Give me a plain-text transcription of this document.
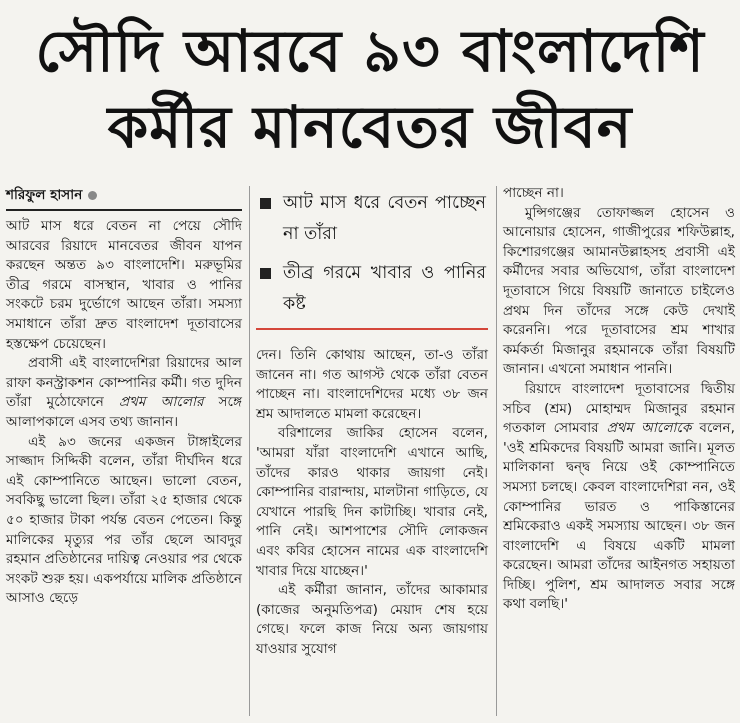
সৌদি আরবে ৯৩ বাংলাদেশি
কর্মীর মানবেতর জীবন
শরিফুল হাসান

আট মাস ধরে বেতন না পেয়ে সৌদি আরবের রিয়াদে মানবেতর জীবন যাপন করছেন অন্তত ৯৩ বাংলাদেশি। মরুভূমির তীব্র গরমে বাসস্থান, খাবার ও পানির সংকটে চরম দুর্ভোগে আছেন তাঁরা। সমস্যা সমাধানে তাঁরা দ্রুত বাংলাদেশ দূতাবাসের হস্তক্ষেপ চেয়েছেন।

প্রবাসী এই বাংলাদেশিরা রিয়াদের আল রাফা কনস্ট্রাকশন কোম্পানির কর্মী। গত দুদিন তাঁরা মুঠোফোনে প্রথম আলোর সঙ্গে আলাপকালে এসব তথ্য জানান।

এই ৯৩ জনের একজন টাঙ্গাইলের সাজ্জাদ সিদ্দিকী বলেন, তাঁরা দীর্ঘদিন ধরে এই কোম্পানিতে আছেন। ভালো বেতন, সবকিছু ভালো ছিল। তাঁরা ২৫ হাজার থেকে ৫০ হাজার টাকা পর্যন্ত বেতন পেতেন। কিন্তু মালিকের মৃত্যুর পর তাঁর ছেলে আবদুর রহমান প্রতিষ্ঠানের দায়িত্ব নেওয়ার পর থেকে সংকট শুরু হয়। একপর্যায়ে মালিক প্রতিষ্ঠানে আসাও ছেড়ে

আট মাস ধরে বেতন পাচ্ছেন না তাঁরা
তীব্র গরমে খাবার ও পানির কষ্ট

দেন। তিনি কোথায় আছেন, তা-ও তাঁরা জানেন না। গত আগস্ট থেকে তাঁরা বেতন পাচ্ছেন না। বাংলাদেশিদের মধ্যে ৩৮ জন শ্রম আদালতে মামলা করেছেন।

বরিশালের জাকির হোসেন বলেন, 'আমরা যাঁরা বাংলাদেশি এখানে আছি, তাঁদের কারও থাকার জায়গা নেই। কোম্পানির বারান্দায়, মালটানা গাড়িতে, যে যেখানে পারছি দিন কাটাচ্ছি। খাবার নেই, পানি নেই। আশপাশের সৌদি লোকজন এবং কবির হোসেন নামের এক বাংলাদেশি খাবার দিয়ে যাচ্ছেন।'

এই কর্মীরা জানান, তাঁদের আকামার (কাজের অনুমতিপত্র) মেয়াদ শেষ হয়ে গেছে। ফলে কাজ নিয়ে অন্য জায়গায় যাওয়ার সুযোগ

পাচ্ছেন না।

মুন্সিগঞ্জের তোফাজ্জল হোসেন ও আনোয়ার হোসেন, গাজীপুরের শফিউল্লাহ, কিশোরগঞ্জের আমানউল্লাহসহ প্রবাসী এই কর্মীদের সবার অভিযোগ, তাঁরা বাংলাদেশ দূতাবাসে গিয়ে বিষয়টি জানাতে চাইলেও প্রথম দিন তাঁদের সঙ্গে কেউ দেখাই করেননি। পরে দূতাবাসের শ্রম শাখার কর্মকর্তা মিজানুর রহমানকে তাঁরা বিষয়টি জানান। এখনো সমাধান পাননি।

রিয়াদে বাংলাদেশ দূতাবাসের দ্বিতীয় সচিব (শ্রম) মোহাম্মদ মিজানুর রহমান গতকাল সোমবার প্রথম আলোকে বলেন, 'ওই শ্রমিকদের বিষয়টি আমরা জানি। মূলত মালিকানা দ্বন্দ্ব নিয়ে ওই কোম্পানিতে সমস্যা চলছে। কেবল বাংলাদেশিরা নন, ওই কোম্পানির ভারত ও পাকিস্তানের শ্রমিকেরাও একই সমস্যায় আছেন। ৩৮ জন বাংলাদেশি এ বিষয়ে একটি মামলা করেছেন। আমরা তাঁদের আইনগত সহায়তা দিচ্ছি। পুলিশ, শ্রম আদালত সবার সঙ্গে কথা বলছি।'
